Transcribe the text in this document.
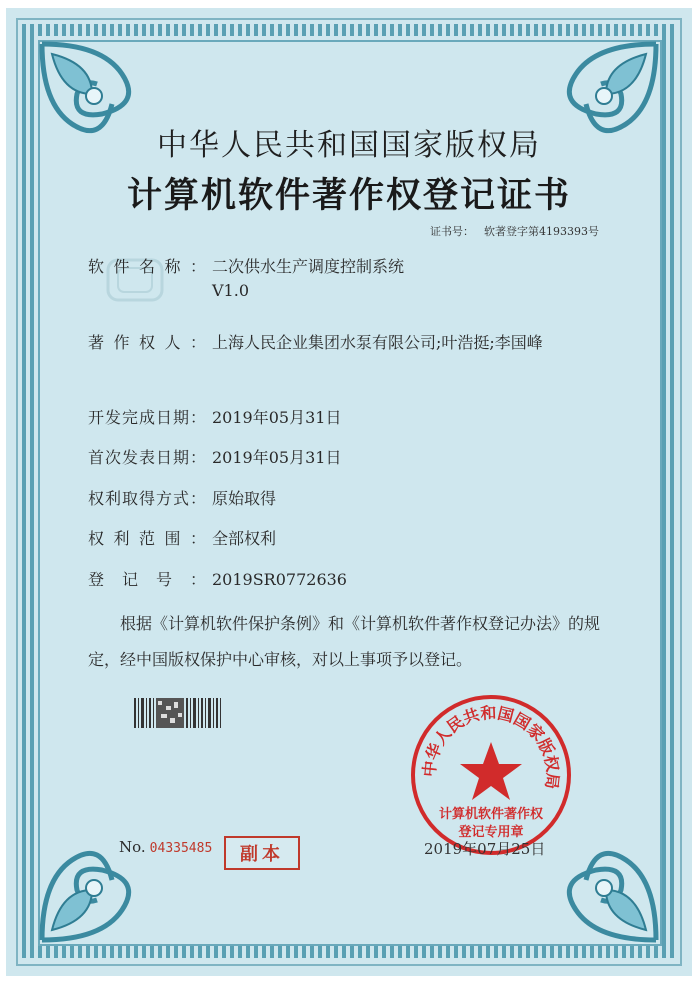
中华人民共和国国家版权局
计算机软件著作权登记证书
证书号： 软著登字第4193393号
软件名称： 二次供水生产调度控制系统
V1.0
著作权人： 上海人民企业集团水泵有限公司;叶浩挺;李国峰
开发完成日期： 2019年05月31日
首次发表日期： 2019年05月31日
权利取得方式： 原始取得
权利范围： 全部权利
登记号： 2019SR0772636
根据《计算机软件保护条例》和《计算机软件著作权登记办法》的规定，经中国版权保护中心审核，对以上事项予以登记。
中华人民共和国国家版权局
计算机软件著作权
登记专用章
2019年07月25日
No. 04335485	副本
